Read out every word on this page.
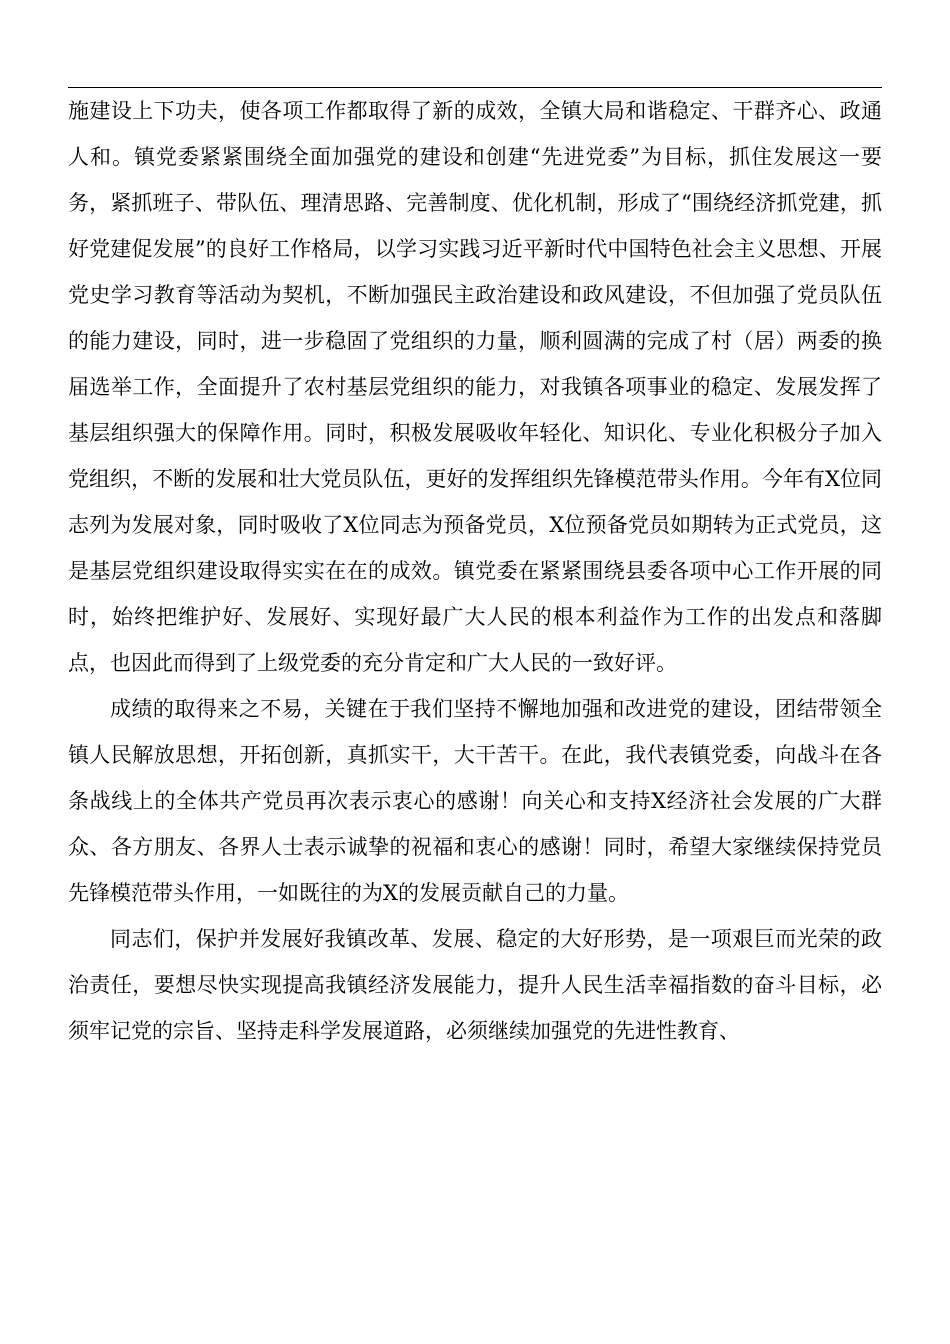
施建设上下功夫，使各项工作都取得了新的成效，全镇大局和谐稳定、干群齐心、政通人和。镇党委紧紧围绕全面加强党的建设和创建“先进党委”为目标，抓住发展这一要务，紧抓班子、带队伍、理清思路、完善制度、优化机制，形成了“围绕经济抓党建，抓好党建促发展”的良好工作格局，以学习实践习近平新时代中国特色社会主义思想、开展党史学习教育等活动为契机，不断加强民主政治建设和政风建设，不但加强了党员队伍的能力建设，同时，进一步稳固了党组织的力量，顺利圆满的完成了村（居）两委的换届选举工作，全面提升了农村基层党组织的能力，对我镇各项事业的稳定、发展发挥了基层组织强大的保障作用。同时，积极发展吸收年轻化、知识化、专业化积极分子加入党组织，不断的发展和壮大党员队伍，更好的发挥组织先锋模范带头作用。今年有X位同志列为发展对象，同时吸收了X位同志为预备党员，X位预备党员如期转为正式党员，这是基层党组织建设取得实实在在的成效。镇党委在紧紧围绕县委各项中心工作开展的同时，始终把维护好、发展好、实现好最广大人民的根本利益作为工作的出发点和落脚点，也因此而得到了上级党委的充分肯定和广大人民的一致好评。

成绩的取得来之不易，关键在于我们坚持不懈地加强和改进党的建设，团结带领全镇人民解放思想，开拓创新，真抓实干，大干苦干。在此，我代表镇党委，向战斗在各条战线上的全体共产党员再次表示衷心的感谢！向关心和支持X经济社会发展的广大群众、各方朋友、各界人士表示诚挚的祝福和衷心的感谢！同时，希望大家继续保持党员先锋模范带头作用，一如既往的为X的发展贡献自己的力量。

同志们，保护并发展好我镇改革、发展、稳定的大好形势，是一项艰巨而光荣的政治责任，要想尽快实现提高我镇经济发展能力，提升人民生活幸福指数的奋斗目标，必须牢记党的宗旨、坚持走科学发展道路，必须继续加强党的先进性教育、
